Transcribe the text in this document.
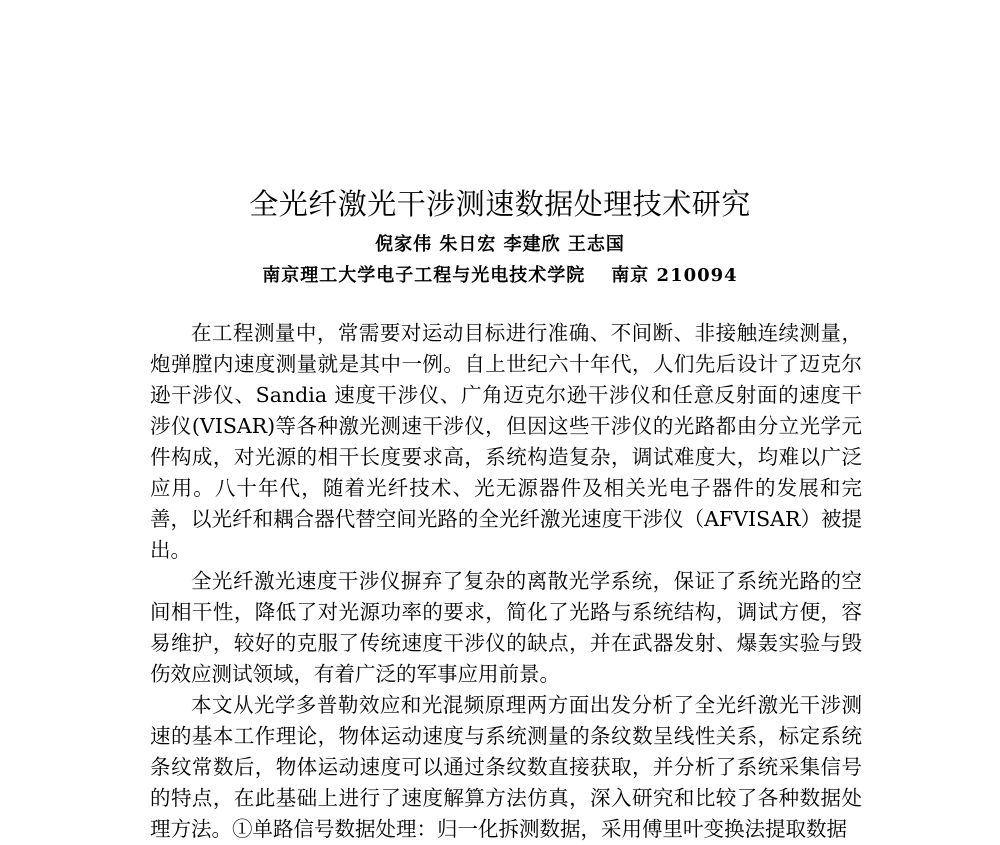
全光纤激光干涉测速数据处理技术研究
倪家伟 朱日宏 李建欣 王志国
南京理工大学电子工程与光电技术学院 南京 210094

在工程测量中，常需要对运动目标进行准确、不间断、非接触连续测量，炮弹膛内速度测量就是其中一例。自上世纪六十年代，人们先后设计了迈克尔逊干涉仪、Sandia 速度干涉仪、广角迈克尔逊干涉仪和任意反射面的速度干涉仪(VISAR)等各种激光测速干涉仪，但因这些干涉仪的光路都由分立光学元件构成，对光源的相干长度要求高，系统构造复杂，调试难度大，均难以广泛应用。八十年代，随着光纤技术、光无源器件及相关光电子器件的发展和完善，以光纤和耦合器代替空间光路的全光纤激光速度干涉仪（AFVISAR）被提出。

全光纤激光速度干涉仪摒弃了复杂的离散光学系统，保证了系统光路的空间相干性，降低了对光源功率的要求，简化了光路与系统结构，调试方便，容易维护，较好的克服了传统速度干涉仪的缺点，并在武器发射、爆轰实验与毁伤效应测试领域，有着广泛的军事应用前景。

本文从光学多普勒效应和光混频原理两方面出发分析了全光纤激光干涉测速的基本工作理论，物体运动速度与系统测量的条纹数呈线性关系，标定系统条纹常数后，物体运动速度可以通过条纹数直接获取，并分析了系统采集信号的特点，在此基础上进行了速度解算方法仿真，深入研究和比较了各种数据处理方法。①单路信号数据处理：归一化拆测数据，采用傅里叶变换法提取数据
